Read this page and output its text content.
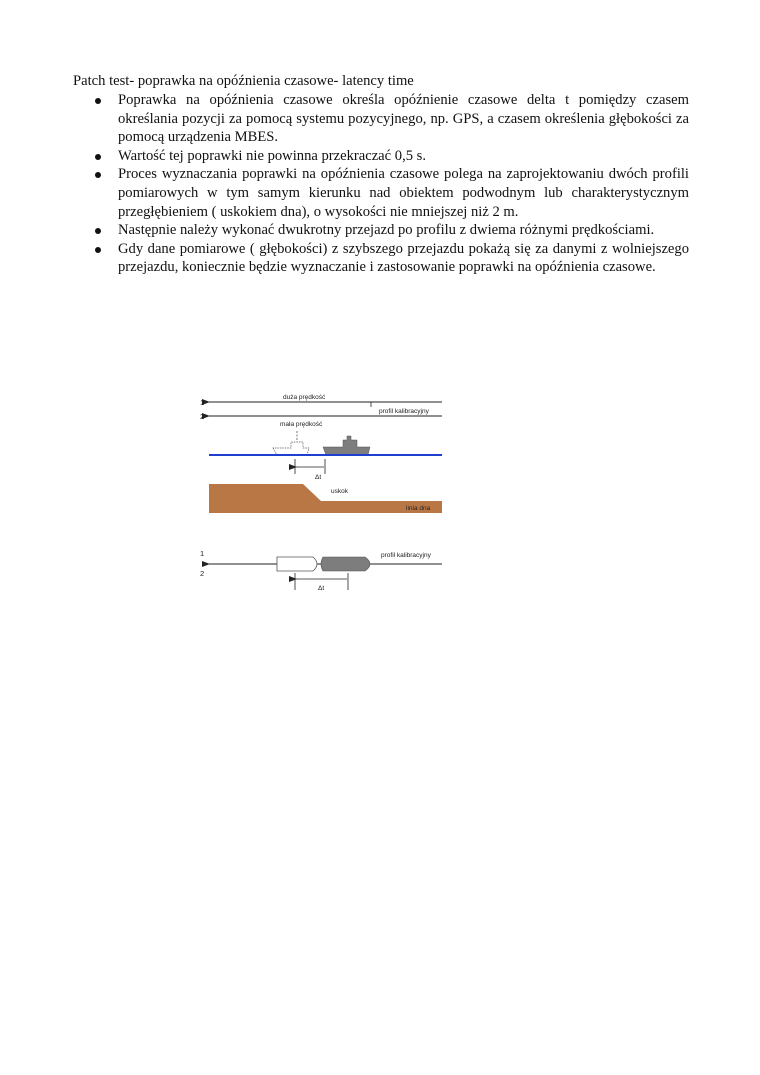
Patch test- poprawka na opóźnienia czasowe- latency time
Poprawka na opóźnienia czasowe określa opóźnienie czasowe delta t pomiędzy czasem określania pozycji za pomocą systemu pozycyjnego, np. GPS, a czasem określenia głębokości za pomocą urządzenia MBES.
Wartość tej poprawki nie powinna przekraczać 0,5 s.
Proces wyznaczania poprawki na opóźnienia czasowe polega na zaprojektowaniu dwóch profili pomiarowych w tym samym kierunku nad obiektem podwodnym lub charakterystycznym przegłębieniem ( uskokiem dna), o wysokości nie mniejszej niż 2 m.
Następnie należy wykonać dwukrotny przejazd po profilu z dwiema różnymi prędkościami.
Gdy dane pomiarowe ( głębokości) z szybszego przejazdu pokażą się za danymi z wolniejszego przejazdu, koniecznie będzie wyznaczanie i zastosowanie poprawki na opóźnienia czasowe.
1
2
duża prędkość
profil kalibracyjny
mała prędkość
Δt
uskok
linia dna
1
2
profil kalibracyjny
Δt
